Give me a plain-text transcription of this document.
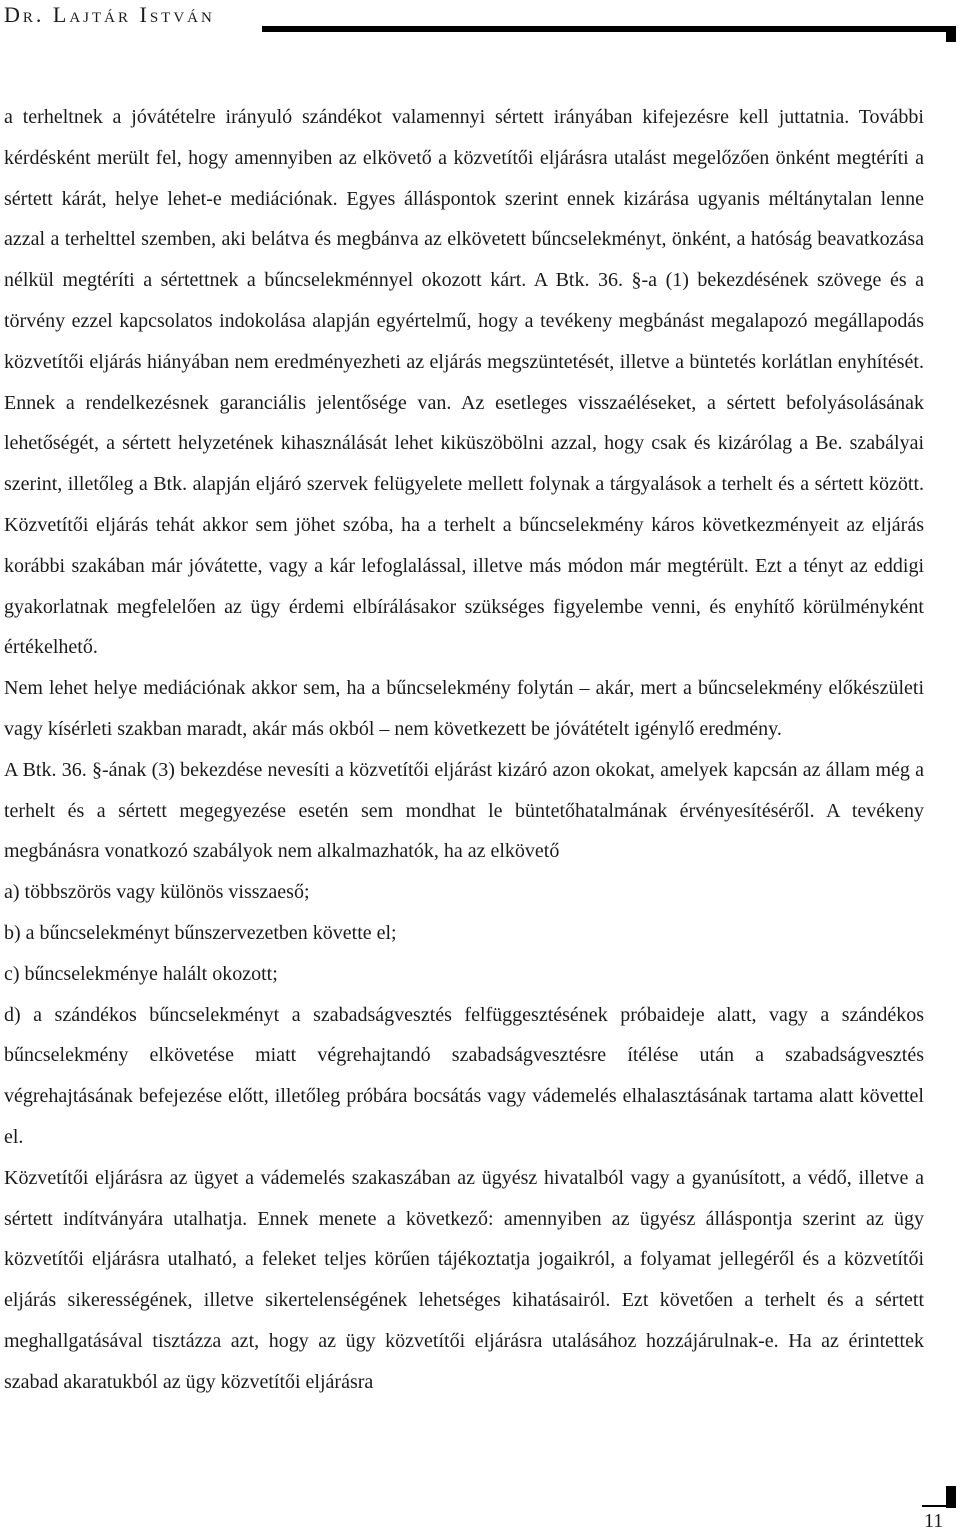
Dr. Lajtár István

a terheltnek a jóvátételre irányuló szándékot valamennyi sértett irányában kifejezésre kell juttatnia. További kérdésként merült fel, hogy amennyiben az elkövető a közvetítői eljárásra utalást megelőzően önként megtéríti a sértett kárát, helye lehet-e mediációnak. Egyes álláspontok szerint ennek kizárása ugyanis méltánytalan lenne azzal a terhelttel szemben, aki belátva és megbánva az elkövetett bűncselekményt, önként, a hatóság beavatkozása nélkül megtéríti a sértettnek a bűncselekménnyel okozott kárt. A Btk. 36. §-a (1) bekezdésének szövege és a törvény ezzel kapcsolatos indokolása alapján egyértelmű, hogy a tevékeny megbánást megalapozó megállapodás közvetítői eljárás hiányában nem eredményezheti az eljárás megszüntetését, illetve a büntetés korlátlan enyhítését. Ennek a rendelkezésnek garanciális jelentősége van. Az esetleges visszaéléseket, a sértett befolyásolásának lehetőségét, a sértett helyzetének kihasználását lehet kiküszöbölni azzal, hogy csak és kizárólag a Be. szabályai szerint, illetőleg a Btk. alapján eljáró szervek felügyelete mellett folynak a tárgyalások a terhelt és a sértett között. Közvetítői eljárás tehát akkor sem jöhet szóba, ha a terhelt a bűncselekmény káros következményeit az eljárás korábbi szakában már jóvátette, vagy a kár lefoglalással, illetve más módon már megtérült. Ezt a tényt az eddigi gyakorlatnak megfelelően az ügy érdemi elbírálásakor szükséges figyelembe venni, és enyhítő körülményként értékelhető.

Nem lehet helye mediációnak akkor sem, ha a bűncselekmény folytán – akár, mert a bűncselekmény előkészületi vagy kísérleti szakban maradt, akár más okból – nem következett be jóvátételt igénylő eredmény.

A Btk. 36. §-ának (3) bekezdése nevesíti a közvetítői eljárást kizáró azon okokat, amelyek kapcsán az állam még a terhelt és a sértett megegyezése esetén sem mondhat le büntetőhatalmának érvényesítéséről. A tevékeny megbánásra vonatkozó szabályok nem alkalmazhatók, ha az elkövető

a) többszörös vagy különös visszaeső;

b) a bűncselekményt bűnszervezetben követte el;

c) bűncselekménye halált okozott;

d) a szándékos bűncselekményt a szabadságvesztés felfüggesztésének próbaideje alatt, vagy a szándékos bűncselekmény elkövetése miatt végrehajtandó szabadságvesztésre ítélése után a szabadságvesztés végrehajtásának befejezése előtt, illetőleg próbára bocsátás vagy vádemelés elhalasztásának tartama alatt követtel el.

Közvetítői eljárásra az ügyet a vádemelés szakaszában az ügyész hivatalból vagy a gyanúsított, a védő, illetve a sértett indítványára utalhatja. Ennek menete a következő: amennyiben az ügyész álláspontja szerint az ügy közvetítői eljárásra utalható, a feleket teljes körűen tájékoztatja jogaikról, a folyamat jellegéről és a közvetítői eljárás sikerességének, illetve sikertelenségének lehetséges kihatásairól. Ezt követően a terhelt és a sértett meghallgatásával tisztázza azt, hogy az ügy közvetítői eljárásra utalásához hozzájárulnak-e. Ha az érintettek szabad akaratukból az ügy közvetítői eljárásra

11
